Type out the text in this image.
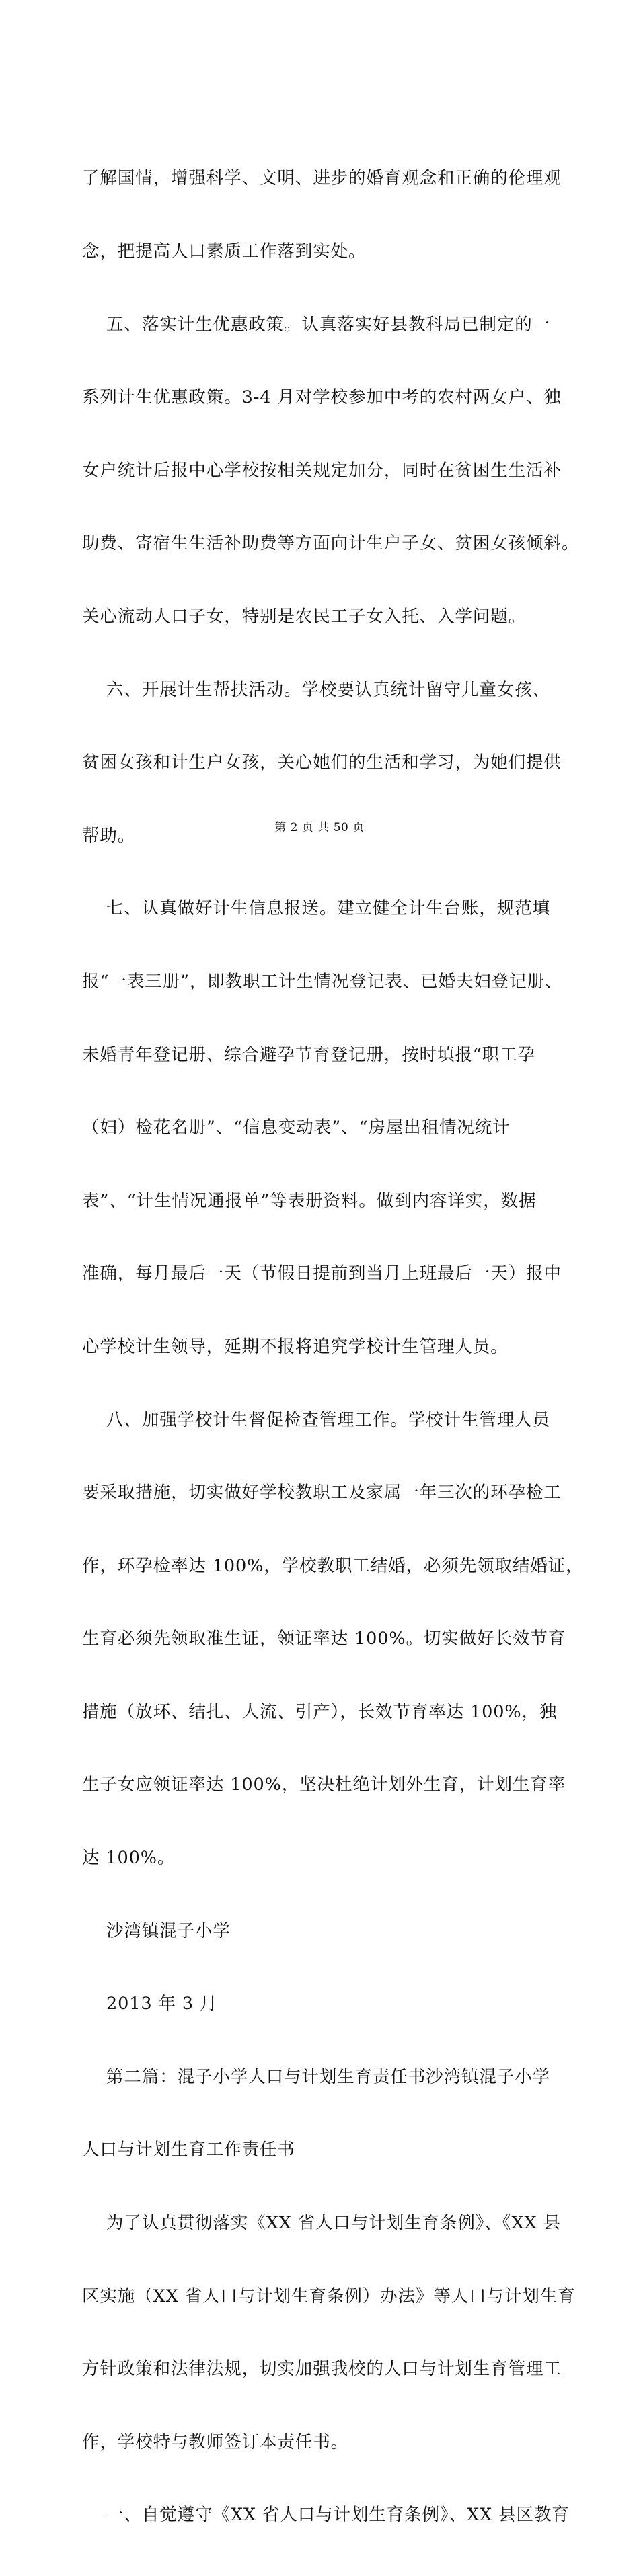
了解国情，增强科学、文明、进步的婚育观念和正确的伦理观

念，把提高人口素质工作落到实处。

五、落实计生优惠政策。认真落实好县教科局已制定的一

系列计生优惠政策。3-4 月对学校参加中考的农村两女户、独

女户统计后报中心学校按相关规定加分，同时在贫困生生活补

助费、寄宿生生活补助费等方面向计生户子女、贫困女孩倾斜。

关心流动人口子女，特别是农民工子女入托、入学问题。

六、开展计生帮扶活动。学校要认真统计留守儿童女孩、

贫困女孩和计生户女孩，关心她们的生活和学习，为她们提供

帮助。

七、认真做好计生信息报送。建立健全计生台账，规范填

报“一表三册”，即教职工计生情况登记表、已婚夫妇登记册、

未婚青年登记册、综合避孕节育登记册，按时填报“职工孕

（妇）检花名册”、“信息变动表”、“房屋出租情况统计

表”、“计生情况通报单”等表册资料。做到内容详实，数据

准确，每月最后一天（节假日提前到当月上班最后一天）报中

心学校计生领导，延期不报将追究学校计生管理人员。

八、加强学校计生督促检查管理工作。学校计生管理人员

要采取措施，切实做好学校教职工及家属一年三次的环孕检工

作，环孕检率达 100%，学校教职工结婚，必须先领取结婚证，

生育必须先领取准生证，领证率达 100%。切实做好长效节育

措施（放环、结扎、人流、引产），长效节育率达 100%，独

生子女应领证率达 100%，坚决杜绝计划外生育，计划生育率

达 100%。

沙湾镇混子小学

2013 年 3 月

第二篇：混子小学人口与计划生育责任书沙湾镇混子小学

人口与计划生育工作责任书

为了认真贯彻落实《XX 省人口与计划生育条例》、《XX 县

区实施（XX 省人口与计划生育条例）办法》等人口与计划生育

方针政策和法律法规，切实加强我校的人口与计划生育管理工

作，学校特与教师签订本责任书。

一、自觉遵守《XX 省人口与计划生育条例》、XX 县区教育

第 2 页 共 50 页
